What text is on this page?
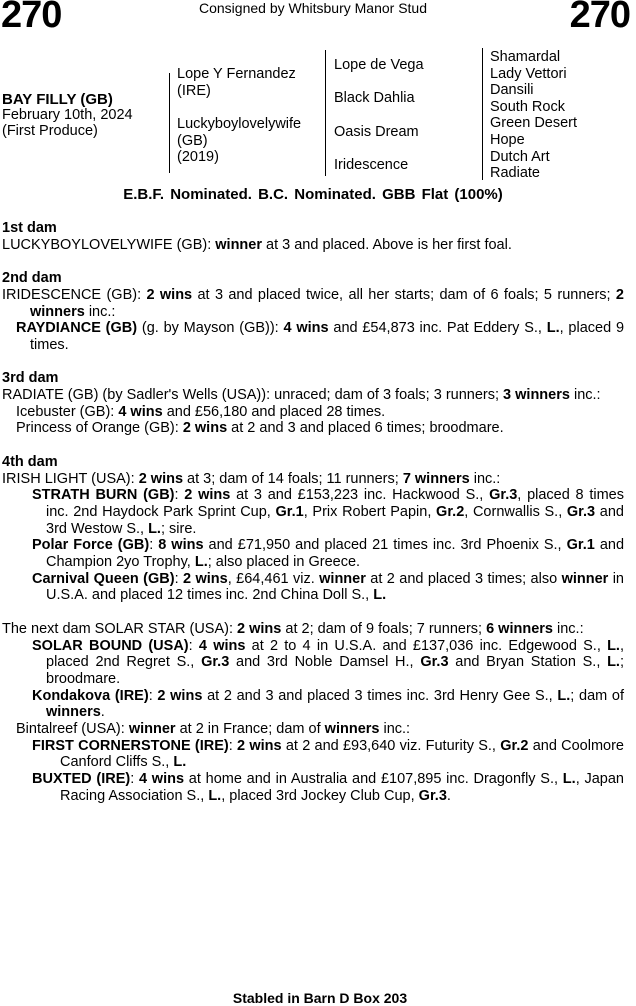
270	Consigned by Whitsbury Manor Stud	270
BAY FILLY (GB)
February 10th, 2024
(First Produce)
Lope Y Fernandez
(IRE)
Luckyboylovelywife
(GB)
(2019)
Lope de Vega
Black Dahlia
Oasis Dream
Iridescence
Shamardal
Lady Vettori
Dansili
South Rock
Green Desert
Hope
Dutch Art
Radiate
E.B.F. Nominated. B.C. Nominated. GBB Flat (100%)
1st dam
LUCKYBOYLOVELYWIFE (GB): winner at 3 and placed. Above is her first foal.
2nd dam
IRIDESCENCE (GB): 2 wins at 3 and placed twice, all her starts; dam of 6 foals; 5 runners; 2 winners inc.:
RAYDIANCE (GB) (g. by Mayson (GB)): 4 wins and £54,873 inc. Pat Eddery S., L., placed 9 times.
3rd dam
RADIATE (GB) (by Sadler's Wells (USA)): unraced; dam of 3 foals; 3 runners; 3 winners inc.:
Icebuster (GB): 4 wins and £56,180 and placed 28 times.
Princess of Orange (GB): 2 wins at 2 and 3 and placed 6 times; broodmare.
4th dam
IRISH LIGHT (USA): 2 wins at 3; dam of 14 foals; 11 runners; 7 winners inc.:
STRATH BURN (GB): 2 wins at 3 and £153,223 inc. Hackwood S., Gr.3, placed 8 times inc. 2nd Haydock Park Sprint Cup, Gr.1, Prix Robert Papin, Gr.2, Cornwallis S., Gr.3 and 3rd Westow S., L.; sire.
Polar Force (GB): 8 wins and £71,950 and placed 21 times inc. 3rd Phoenix S., Gr.1 and Champion 2yo Trophy, L.; also placed in Greece.
Carnival Queen (GB): 2 wins, £64,461 viz. winner at 2 and placed 3 times; also winner in U.S.A. and placed 12 times inc. 2nd China Doll S., L.
The next dam SOLAR STAR (USA): 2 wins at 2; dam of 9 foals; 7 runners; 6 winners inc.:
SOLAR BOUND (USA): 4 wins at 2 to 4 in U.S.A. and £137,036 inc. Edgewood S., L., placed 2nd Regret S., Gr.3 and 3rd Noble Damsel H., Gr.3 and Bryan Station S., L.; broodmare.
Kondakova (IRE): 2 wins at 2 and 3 and placed 3 times inc. 3rd Henry Gee S., L.; dam of winners.
Bintalreef (USA): winner at 2 in France; dam of winners inc.:
FIRST CORNERSTONE (IRE): 2 wins at 2 and £93,640 viz. Futurity S., Gr.2 and Coolmore Canford Cliffs S., L.
BUXTED (IRE): 4 wins at home and in Australia and £107,895 inc. Dragonfly S., L., Japan Racing Association S., L., placed 3rd Jockey Club Cup, Gr.3.
Stabled in Barn D Box 203
